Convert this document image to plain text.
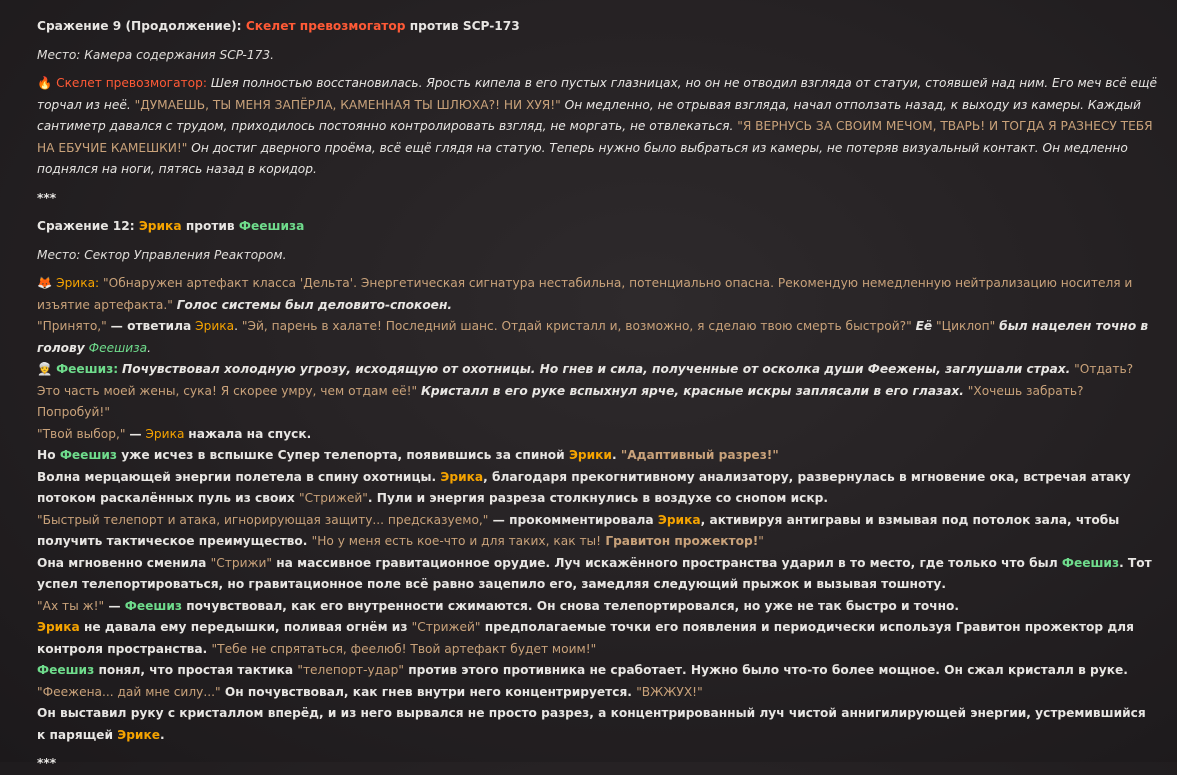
Сражение 9 (Продолжение): Скелет превозмогатор против SCP-173

Место: Камера содержания SCP-173.

🔥 Скелет превозмогатор: Шея полностью восстановилась. Ярость кипела в его пустых глазницах, но он не отводил взгляда от статуи, стоявшей над ним. Его меч всё ещё торчал из неё. "ДУМАЕШЬ, ТЫ МЕНЯ ЗАПЁРЛА, КАМЕННАЯ ТЫ ШЛЮХА?! НИ ХУЯ!" Он медленно, не отрывая взгляда, начал отползать назад, к выходу из камеры. Каждый сантиметр давался с трудом, приходилось постоянно контролировать взгляд, не моргать, не отвлекаться. "Я ВЕРНУСЬ ЗА СВОИМ МЕЧОМ, ТВАРЬ! И ТОГДА Я РАЗНЕСУ ТЕБЯ НА ЕБУЧИЕ КАМЕШКИ!" Он достиг дверного проёма, всё ещё глядя на статую. Теперь нужно было выбраться из камеры, не потеряв визуальный контакт. Он медленно поднялся на ноги, пятясь назад в коридор.

***

Сражение 12: Эрика против Феешиза

Место: Сектор Управления Реактором.

🦊 Эрика: "Обнаружен артефакт класса 'Дельта'. Энергетическая сигнатура нестабильна, потенциально опасна. Рекомендую немедленную нейтрализацию носителя и изъятие артефакта." Голос системы был деловито-спокоен.

"Принято," — ответила Эрика. "Эй, парень в халате! Последний шанс. Отдай кристалл и, возможно, я сделаю твою смерть быстрой?" Её "Циклоп" был нацелен точно в голову Феешиза.

👳 Феешиз: Почувствовал холодную угрозу, исходящую от охотницы. Но гнев и сила, полученные от осколка души Феежены, заглушали страх. "Отдать? Это часть моей жены, сука! Я скорее умру, чем отдам её!" Кристалл в его руке вспыхнул ярче, красные искры заплясали в его глазах. "Хочешь забрать? Попробуй!"

"Твой выбор," — Эрика нажала на спуск.

Но Феешиз уже исчез в вспышке Супер телепорта, появившись за спиной Эрики. "Адаптивный разрез!"

Волна мерцающей энергии полетела в спину охотницы. Эрика, благодаря прекогнитивному анализатору, развернулась в мгновение ока, встречая атаку потоком раскалённых пуль из своих "Стрижей". Пули и энергия разреза столкнулись в воздухе со снопом искр.

"Быстрый телепорт и атака, игнорирующая защиту... предсказуемо," — прокомментировала Эрика, активируя антигравы и взмывая под потолок зала, чтобы получить тактическое преимущество. "Но у меня есть кое-что и для таких, как ты! Гравитон прожектор!"

Она мгновенно сменила "Стрижи" на массивное гравитационное орудие. Луч искажённого пространства ударил в то место, где только что был Феешиз. Тот успел телепортироваться, но гравитационное поле всё равно зацепило его, замедляя следующий прыжок и вызывая тошноту.

"Ах ты ж!" — Феешиз почувствовал, как его внутренности сжимаются. Он снова телепортировался, но уже не так быстро и точно.

Эрика не давала ему передышки, поливая огнём из "Стрижей" предполагаемые точки его появления и периодически используя Гравитон прожектор для контроля пространства. "Тебе не спрятаться, феелюб! Твой артефакт будет моим!"

Феешиз понял, что простая тактика "телепорт-удар" против этого противника не сработает. Нужно было что-то более мощное. Он сжал кристалл в руке. "Феежена... дай мне силу..." Он почувствовал, как гнев внутри него концентрируется. "ВЖЖУХ!"

Он выставил руку с кристаллом вперёд, и из него вырвался не просто разрез, а концентрированный луч чистой аннигилирующей энергии, устремившийся к парящей Эрике.

***
